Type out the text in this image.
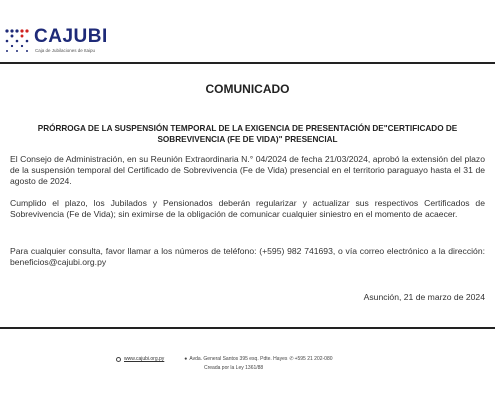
CAJUBI
Caja de Jubilaciones de Itaipu
COMUNICADO
PRÓRROGA DE LA SUSPENSIÓN TEMPORAL DE LA EXIGENCIA DE PRESENTACIÓN DE"CERTIFICADO DE SOBREVIVENCIA (FE DE VIDA)" PRESENCIAL
El Consejo de Administración, en su Reunión Extraordinaria N.° 04/2024 de fecha 21/03/2024, aprobó la extensión del plazo de la suspensión temporal del Certificado de Sobrevivencia (Fe de Vida) presencial en el territorio paraguayo hasta el 31 de agosto de 2024.
Cumplido el plazo, los Jubilados y Pensionados deberán regularizar y actualizar sus respectivos Certificados de Sobrevivencia (Fe de Vida); sin eximirse de la obligación de comunicar cualquier siniestro en el momento de acaecer.
Para cualquier consulta, favor llamar a los números de teléfono: (+595) 982 741693, o vía correo electrónico a la dirección: beneficios@cajubi.org.py
Asunción, 21 de marzo de 2024
www.cajubi.org.py	● Avda. General Santos 395 esq. Pdte. Hayes ✆ +595 21 202-080
Creada por la Ley 1361/88
